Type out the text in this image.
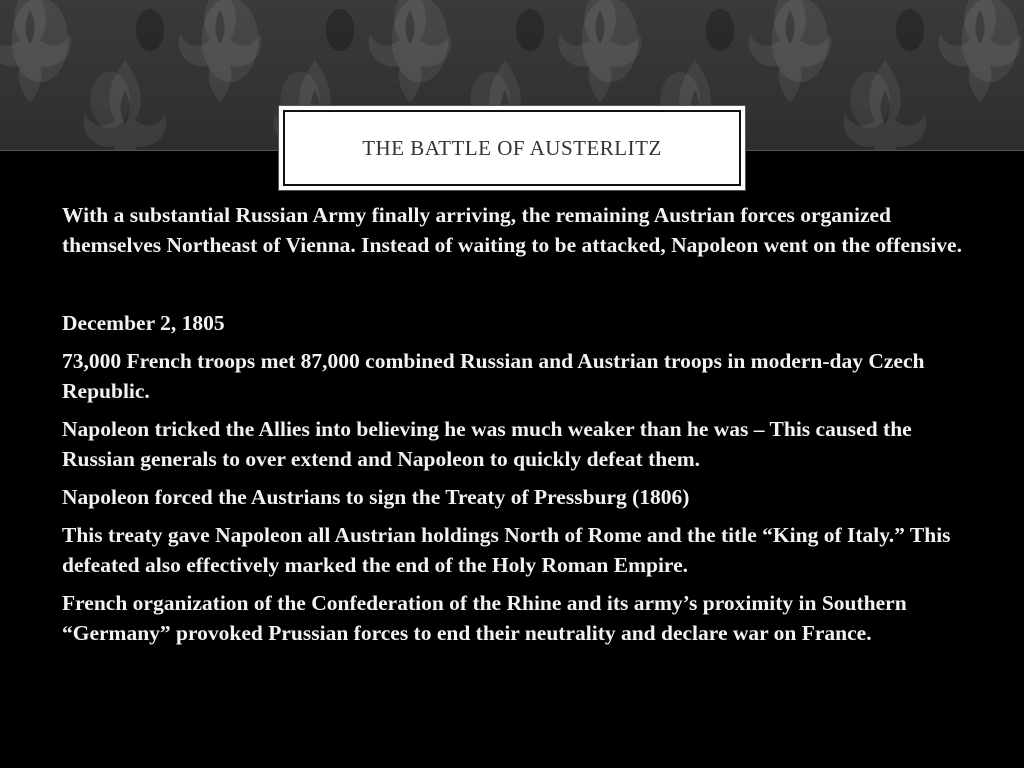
THE BATTLE OF AUSTERLITZ

With a substantial Russian Army finally arriving, the remaining Austrian forces organized themselves Northeast of Vienna. Instead of waiting to be attacked, Napoleon went on the offensive.

December 2, 1805

73,000 French troops met 87,000 combined Russian and Austrian troops in modern-day Czech Republic.

Napoleon tricked the Allies into believing he was much weaker than he was – This caused the Russian generals to over extend and Napoleon to quickly defeat them.

Napoleon forced the Austrians to sign the Treaty of Pressburg (1806)

This treaty gave Napoleon all Austrian holdings North of Rome and the title “King of Italy.” This defeated also effectively marked the end of the Holy Roman Empire.

French organization of the Confederation of the Rhine and its army’s proximity in Southern “Germany” provoked Prussian forces to end their neutrality and declare war on France.
